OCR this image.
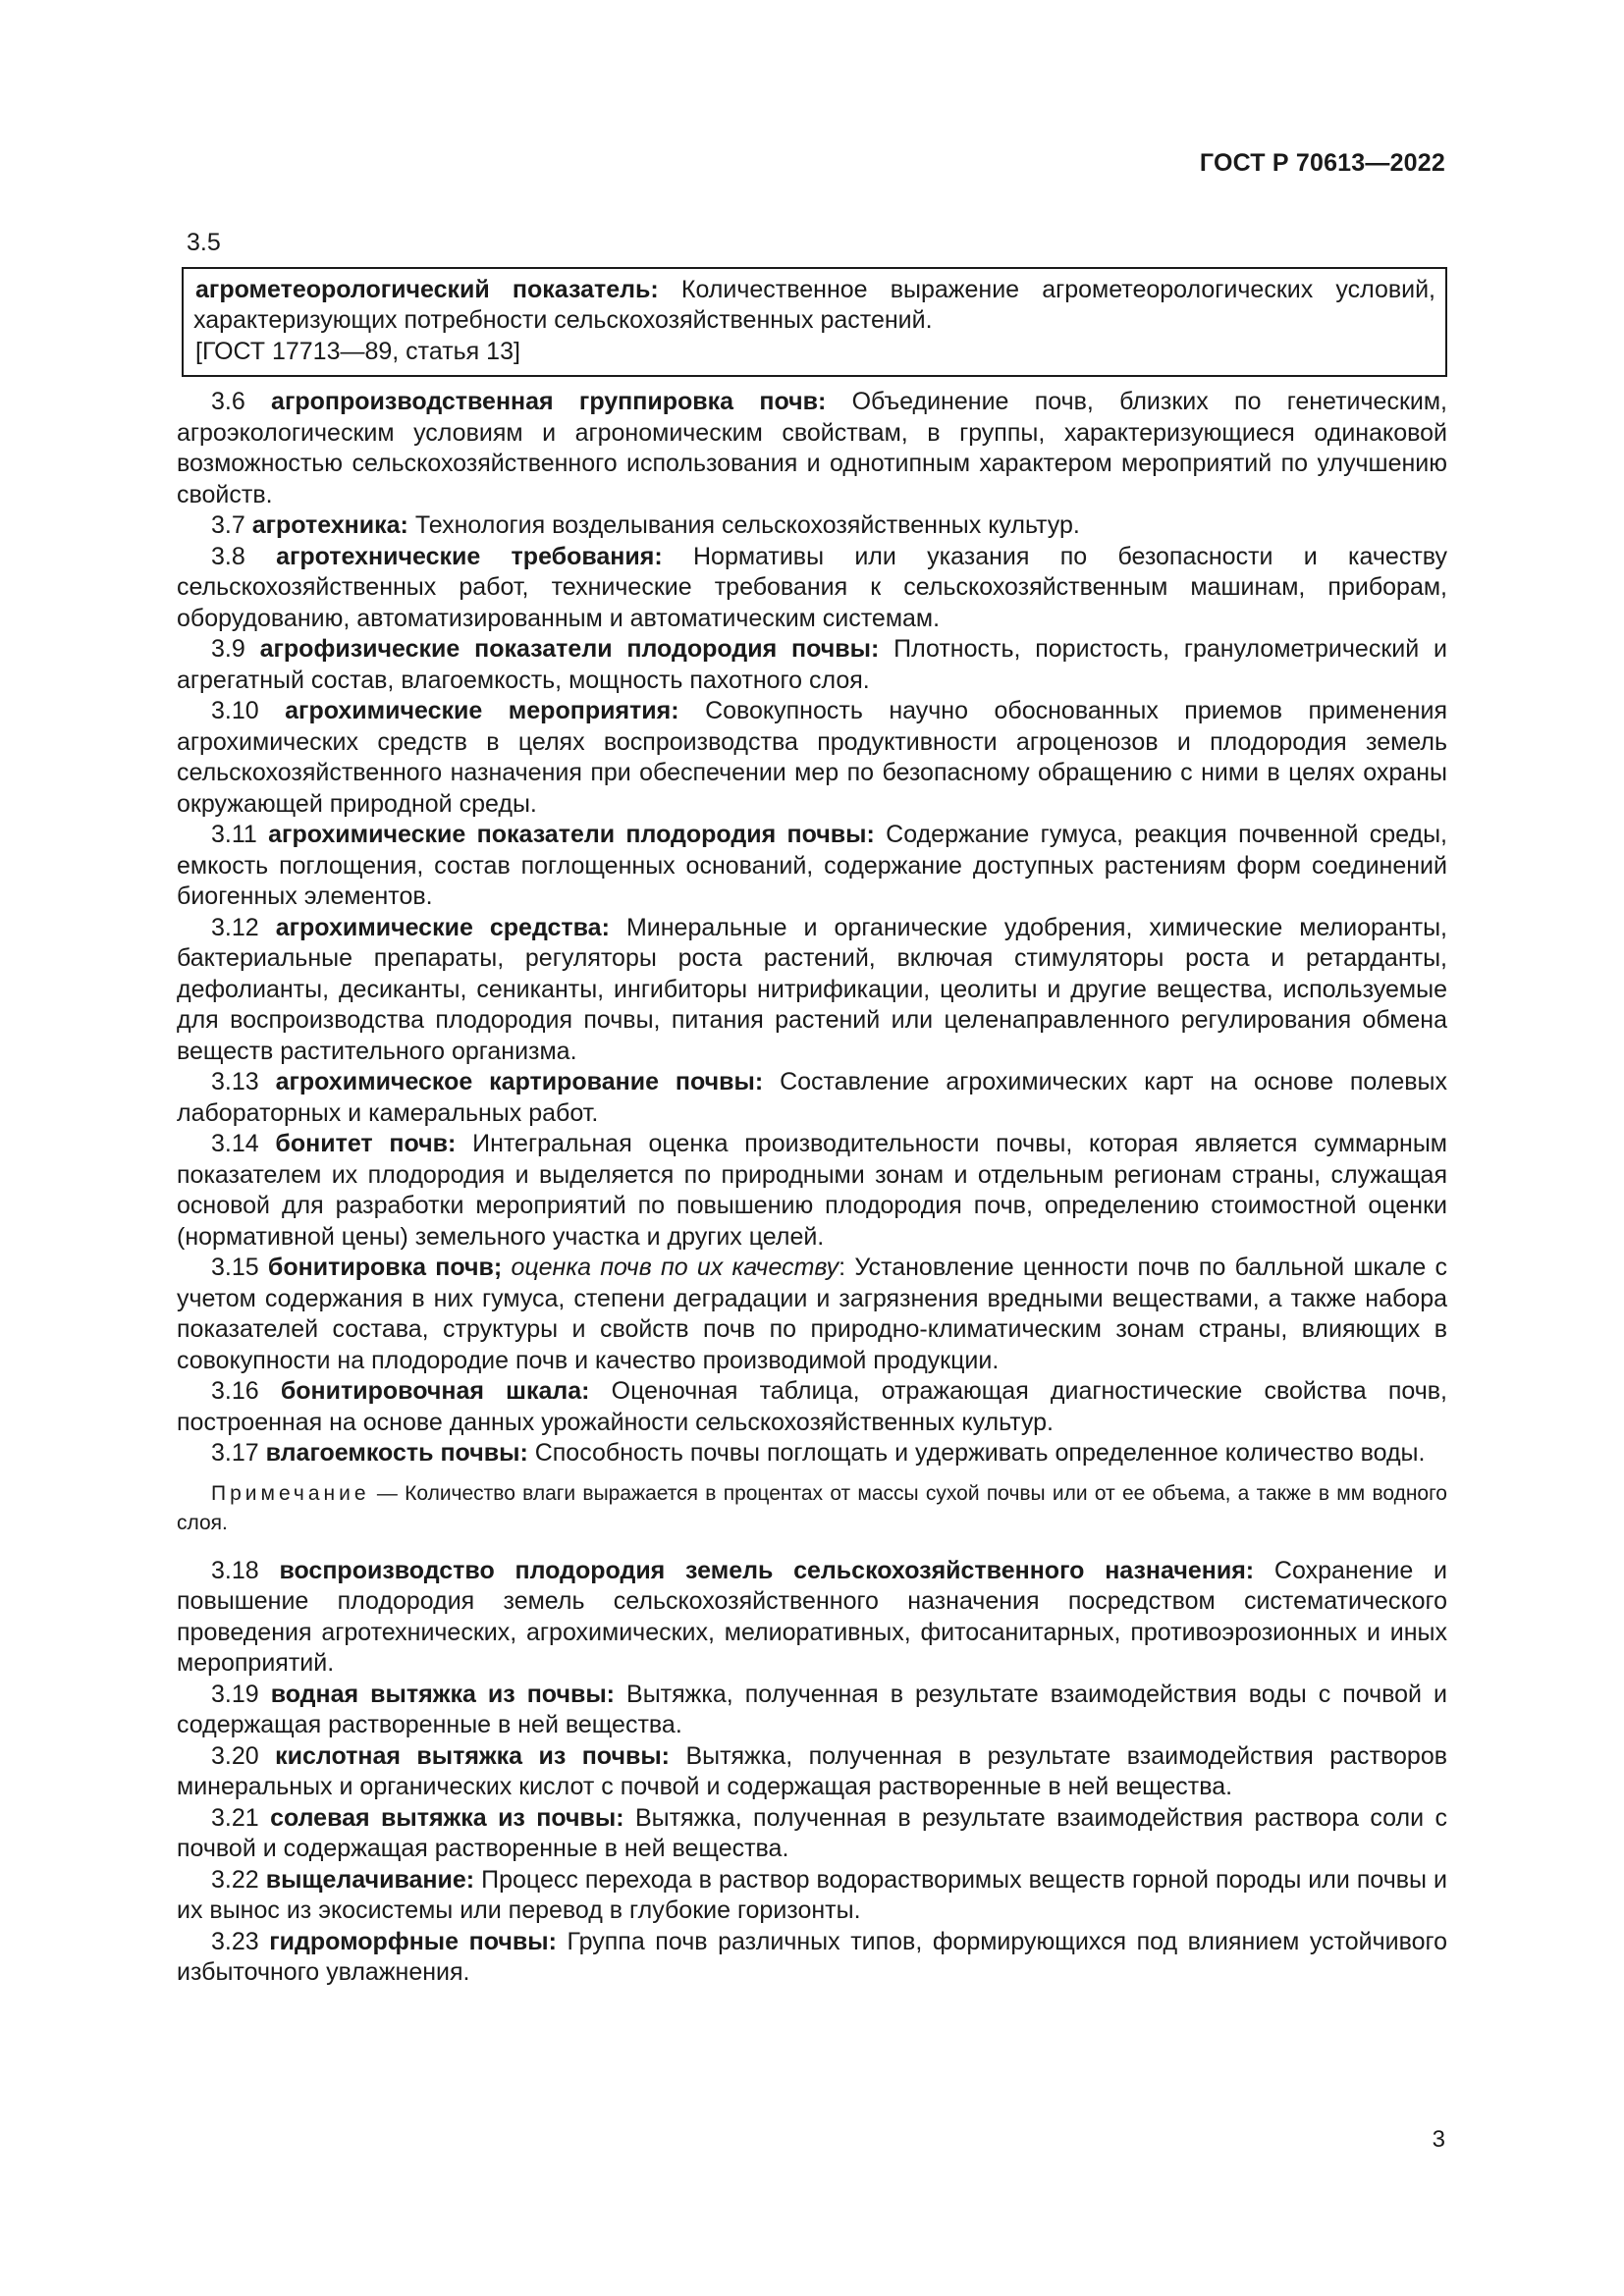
ГОСТ Р 70613—2022

3.5

агрометеорологический показатель: Количественное выражение агрометеорологических условий, характеризующих потребности сельскохозяйственных растений.

[ГОСТ 17713—89, статья 13]

3.6 агропроизводственная группировка почв: Объединение почв, близких по генетическим, агроэкологическим условиям и агрономическим свойствам, в группы, характеризующиеся одинаковой возможностью сельскохозяйственного использования и однотипным характером мероприятий по улучшению свойств.

3.7 агротехника: Технология возделывания сельскохозяйственных культур.

3.8 агротехнические требования: Нормативы или указания по безопасности и качеству сельскохозяйственных работ, технические требования к сельскохозяйственным машинам, приборам, оборудованию, автоматизированным и автоматическим системам.

3.9 агрофизические показатели плодородия почвы: Плотность, пористость, гранулометрический и агрегатный состав, влагоемкость, мощность пахотного слоя.

3.10 агрохимические мероприятия: Совокупность научно обоснованных приемов применения агрохимических средств в целях воспроизводства продуктивности агроценозов и плодородия земель сельскохозяйственного назначения при обеспечении мер по безопасному обращению с ними в целях охраны окружающей природной среды.

3.11 агрохимические показатели плодородия почвы: Содержание гумуса, реакция почвенной среды, емкость поглощения, состав поглощенных оснований, содержание доступных растениям форм соединений биогенных элементов.

3.12 агрохимические средства: Минеральные и органические удобрения, химические мелиоранты, бактериальные препараты, регуляторы роста растений, включая стимуляторы роста и ретарданты, дефолианты, десиканты, сениканты, ингибиторы нитрификации, цеолиты и другие вещества, используемые для воспроизводства плодородия почвы, питания растений или целенаправленного регулирования обмена веществ растительного организма.

3.13 агрохимическое картирование почвы: Составление агрохимических карт на основе полевых лабораторных и камеральных работ.

3.14 бонитет почв: Интегральная оценка производительности почвы, которая является суммарным показателем их плодородия и выделяется по природными зонам и отдельным регионам страны, служащая основой для разработки мероприятий по повышению плодородия почв, определению стоимостной оценки (нормативной цены) земельного участка и других целей.

3.15 бонитировка почв; оценка почв по их качеству: Установление ценности почв по балльной шкале с учетом содержания в них гумуса, степени деградации и загрязнения вредными веществами, а также набора показателей состава, структуры и свойств почв по природно-климатическим зонам страны, влияющих в совокупности на плодородие почв и качество производимой продукции.

3.16 бонитировочная шкала: Оценочная таблица, отражающая диагностические свойства почв, построенная на основе данных урожайности сельскохозяйственных культур.

3.17 влагоемкость почвы: Способность почвы поглощать и удерживать определенное количество воды.

Примечание — Количество влаги выражается в процентах от массы сухой почвы или от ее объема, а также в мм водного слоя.

3.18 воспроизводство плодородия земель сельскохозяйственного назначения: Сохранение и повышение плодородия земель сельскохозяйственного назначения посредством систематического проведения агротехнических, агрохимических, мелиоративных, фитосанитарных, противоэрозионных и иных мероприятий.

3.19 водная вытяжка из почвы: Вытяжка, полученная в результате взаимодействия воды с почвой и содержащая растворенные в ней вещества.

3.20 кислотная вытяжка из почвы: Вытяжка, полученная в результате взаимодействия растворов минеральных и органических кислот с почвой и содержащая растворенные в ней вещества.

3.21 солевая вытяжка из почвы: Вытяжка, полученная в результате взаимодействия раствора соли с почвой и содержащая растворенные в ней вещества.

3.22 выщелачивание: Процесс перехода в раствор водорастворимых веществ горной породы или почвы и их вынос из экосистемы или перевод в глубокие горизонты.

3.23 гидроморфные почвы: Группа почв различных типов, формирующихся под влиянием устойчивого избыточного увлажнения.

3
